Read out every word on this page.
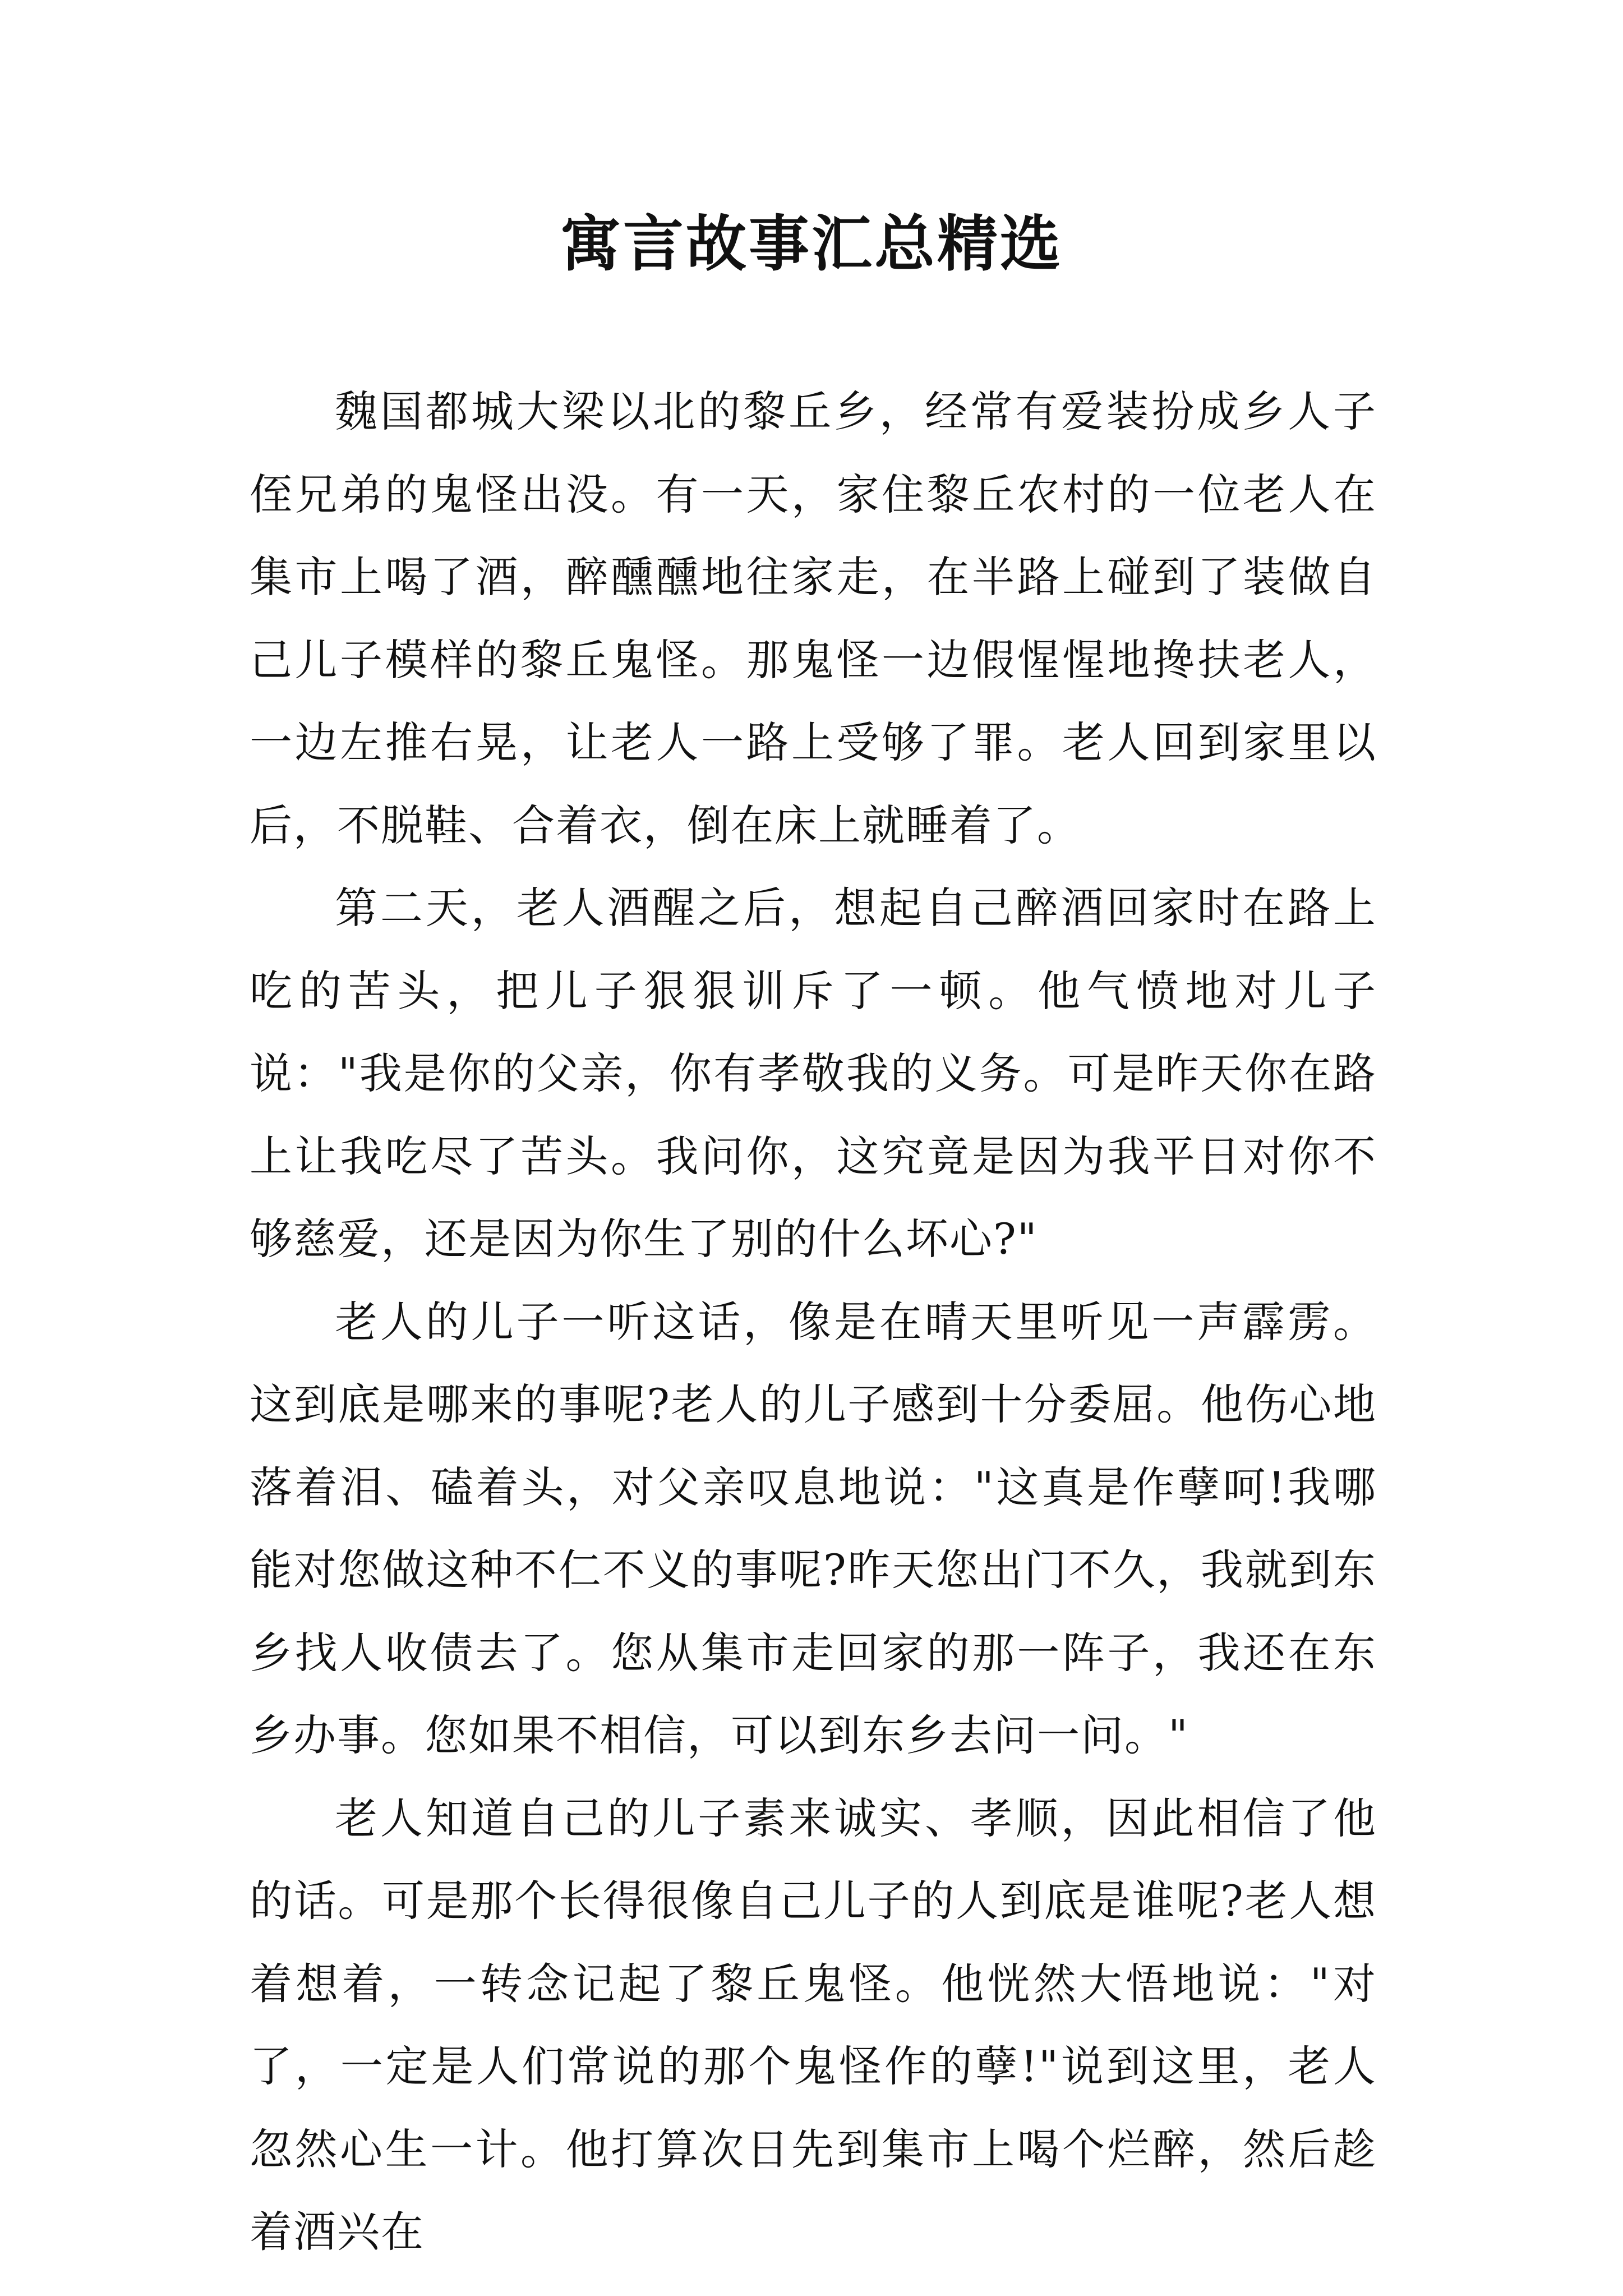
寓言故事汇总精选

魏国都城大梁以北的黎丘乡，经常有爱装扮成乡人子侄兄弟的鬼怪出没。有一天，家住黎丘农村的一位老人在集市上喝了酒，醉醺醺地往家走，在半路上碰到了装做自己儿子模样的黎丘鬼怪。那鬼怪一边假惺惺地搀扶老人，一边左推右晃，让老人一路上受够了罪。老人回到家里以后，不脱鞋、合着衣，倒在床上就睡着了。

第二天，老人酒醒之后，想起自己醉酒回家时在路上吃的苦头，把儿子狠狠训斥了一顿。他气愤地对儿子说："我是你的父亲，你有孝敬我的义务。可是昨天你在路上让我吃尽了苦头。我问你，这究竟是因为我平日对你不够慈爱，还是因为你生了别的什么坏心?"

老人的儿子一听这话，像是在晴天里听见一声霹雳。这到底是哪来的事呢?老人的儿子感到十分委屈。他伤心地落着泪、磕着头，对父亲叹息地说："这真是作孽呵!我哪能对您做这种不仁不义的事呢?昨天您出门不久，我就到东乡找人收债去了。您从集市走回家的那一阵子，我还在东乡办事。您如果不相信，可以到东乡去问一问。"

老人知道自己的儿子素来诚实、孝顺，因此相信了他的话。可是那个长得很像自己儿子的人到底是谁呢?老人想着想着，一转念记起了黎丘鬼怪。他恍然大悟地说："对了，一定是人们常说的那个鬼怪作的孽!"说到这里，老人忽然心生一计。他打算次日先到集市上喝个烂醉，然后趁着酒兴在
